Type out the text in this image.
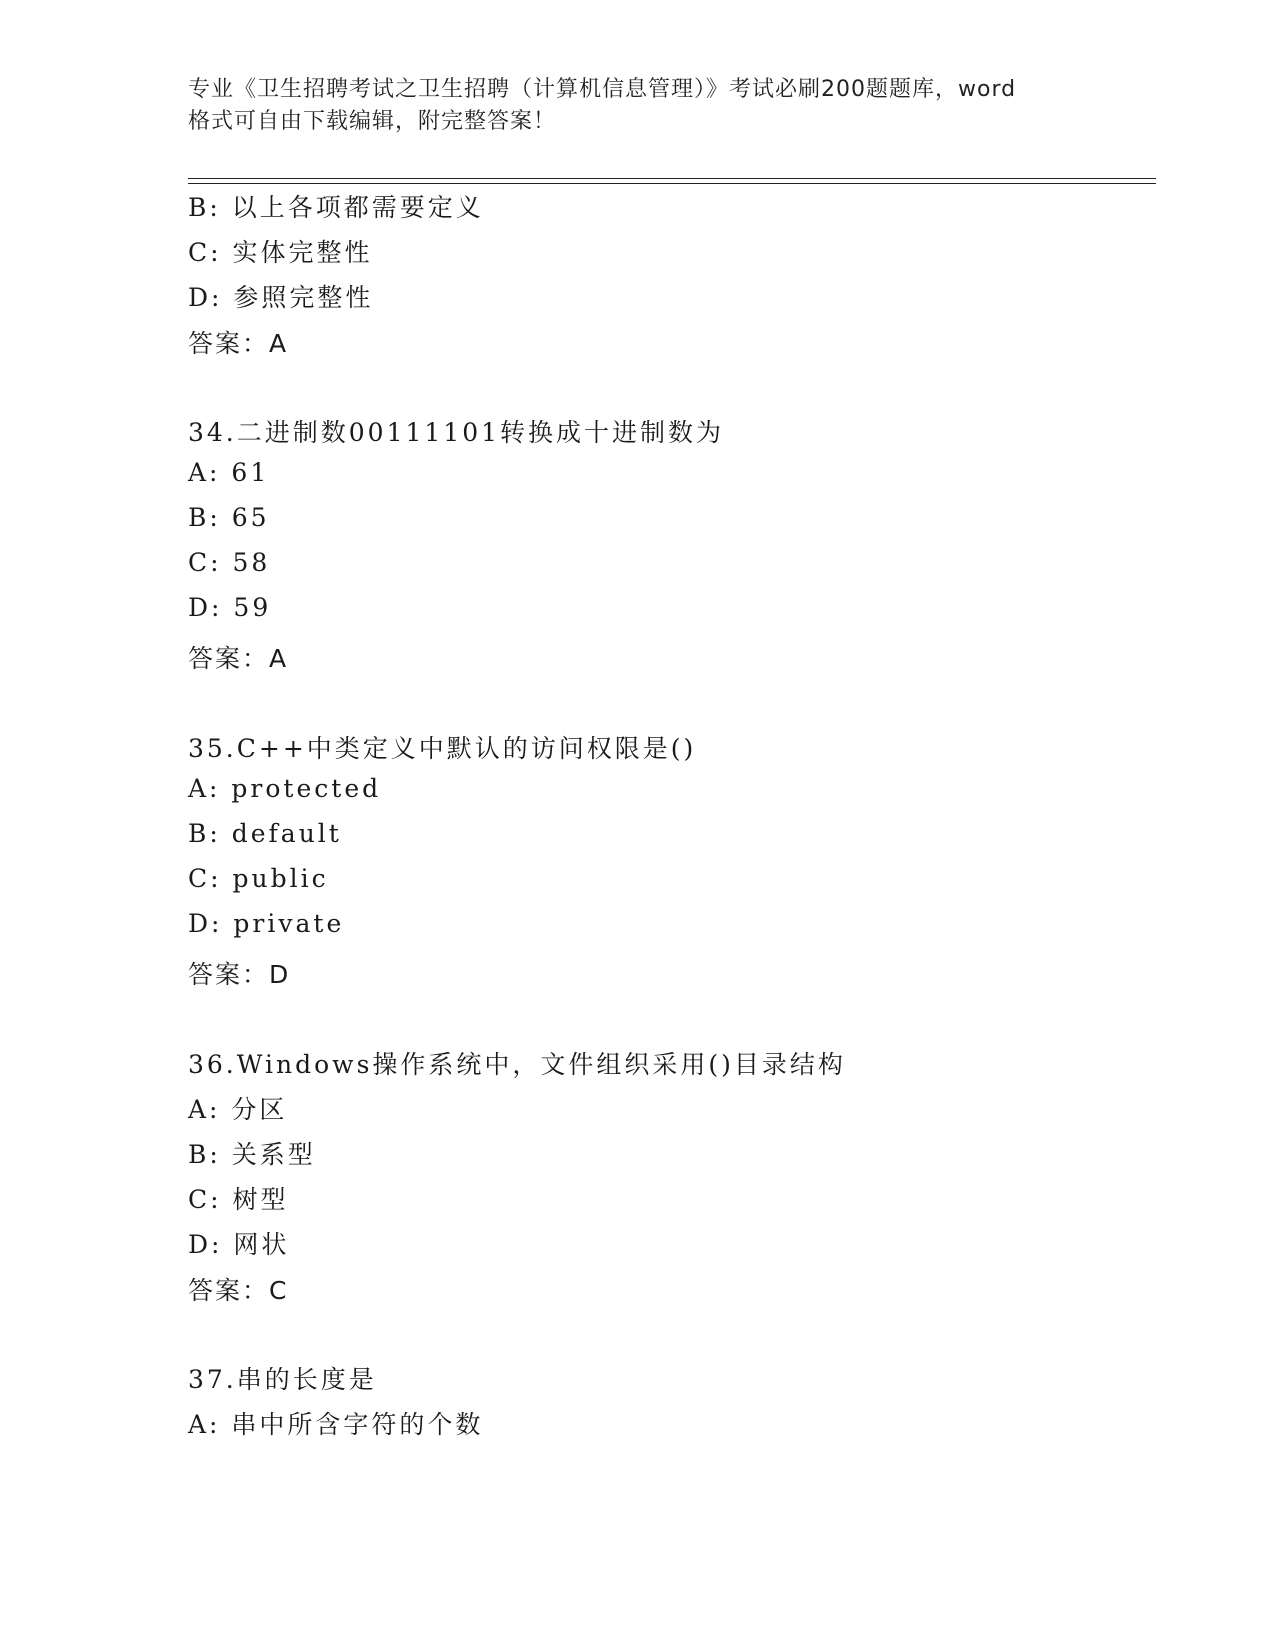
专业《卫生招聘考试之卫生招聘（计算机信息管理）》考试必刷200题题库，word
格式可自由下载编辑，附完整答案！
B: 以上各项都需要定义
C: 实体完整性
D: 参照完整性
答案：A
34.二进制数00111101转换成十进制数为
A: 61
B: 65
C: 58
D: 59
答案：A
35.C++中类定义中默认的访问权限是()
A: protected
B: default
C: public
D: private
答案：D
36.Windows操作系统中，文件组织采用()目录结构
A: 分区
B: 关系型
C: 树型
D: 网状
答案：C
37.串的长度是
A: 串中所含字符的个数
